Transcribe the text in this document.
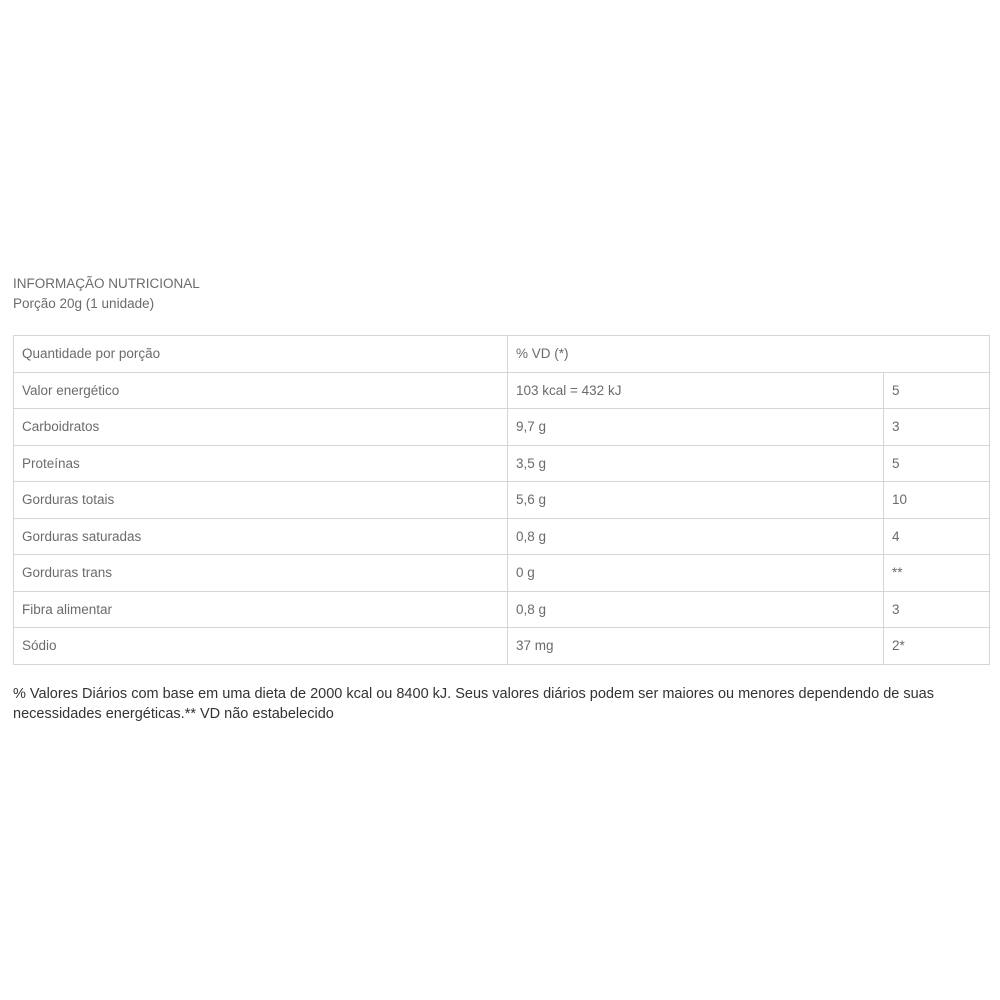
INFORMAÇÃO NUTRICIONAL
Porção 20g (1 unidade)
Quantidade por porção	% VD (*)	
Valor energético	103 kcal = 432 kJ	5
Carboidratos	9,7 g	3
Proteínas	3,5 g	5
Gorduras totais	5,6 g	10
Gorduras saturadas	0,8 g	4
Gorduras trans	0 g	**
Fibra alimentar	0,8 g	3
Sódio	37 mg	2*
% Valores Diários com base em uma dieta de 2000 kcal ou 8400 kJ. Seus valores diários podem ser maiores ou menores dependendo de suas necessidades energéticas.** VD não estabelecido
